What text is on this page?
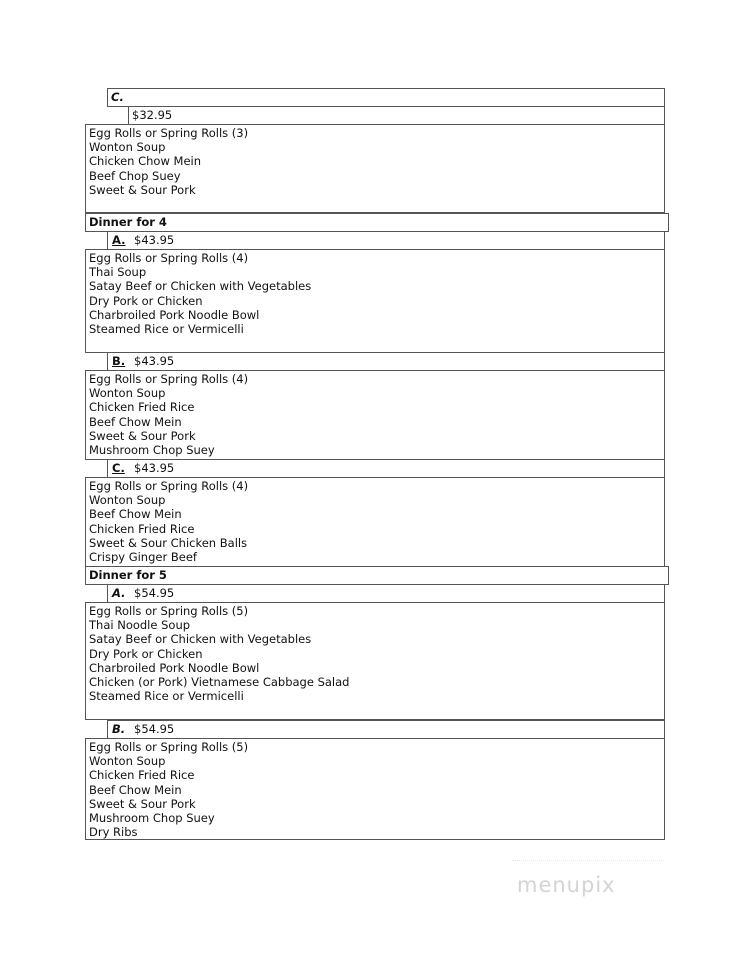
C.
$32.95
Egg Rolls or Spring Rolls (3)
Wonton Soup
Chicken Chow Mein
Beef Chop Suey
Sweet & Sour Pork
Dinner for 4
A. $43.95
Egg Rolls or Spring Rolls (4)
Thai Soup
Satay Beef or Chicken with Vegetables
Dry Pork or Chicken
Charbroiled Pork Noodle Bowl
Steamed Rice or Vermicelli
B. $43.95
Egg Rolls or Spring Rolls (4)
Wonton Soup
Chicken Fried Rice
Beef Chow Mein
Sweet & Sour Pork
Mushroom Chop Suey
C. $43.95
Egg Rolls or Spring Rolls (4)
Wonton Soup
Beef Chow Mein
Chicken Fried Rice
Sweet & Sour Chicken Balls
Crispy Ginger Beef
Dinner for 5
A. $54.95
Egg Rolls or Spring Rolls (5)
Thai Noodle Soup
Satay Beef or Chicken with Vegetables
Dry Pork or Chicken
Charbroiled Pork Noodle Bowl
Chicken (or Pork) Vietnamese Cabbage Salad
Steamed Rice or Vermicelli
B. $54.95
Egg Rolls or Spring Rolls (5)
Wonton Soup
Chicken Fried Rice
Beef Chow Mein
Sweet & Sour Pork
Mushroom Chop Suey
Dry Ribs
menupix
